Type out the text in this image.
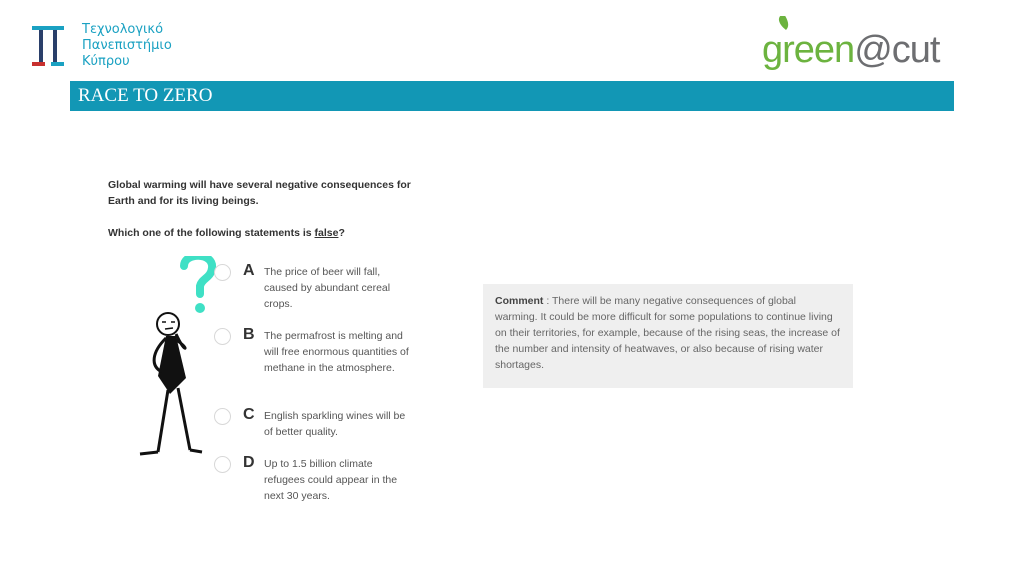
Τεχνολογικό
Πανεπιστήμιο
Κύπρου	green@cut
RACE TO ZERO
Global warming will have several negative consequences for Earth and for its living beings.
Which one of the following statements is false?
A The price of beer will fall, caused by abundant cereal crops.
B The permafrost is melting and will free enormous quantities of methane in the atmosphere.
C English sparkling wines will be of better quality.
D Up to 1.5 billion climate refugees could appear in the next 30 years.
Comment : There will be many negative consequences of global warming. It could be more difficult for some populations to continue living on their territories, for example, because of the rising seas, the increase of the number and intensity of heatwaves, or also because of rising water shortages.
